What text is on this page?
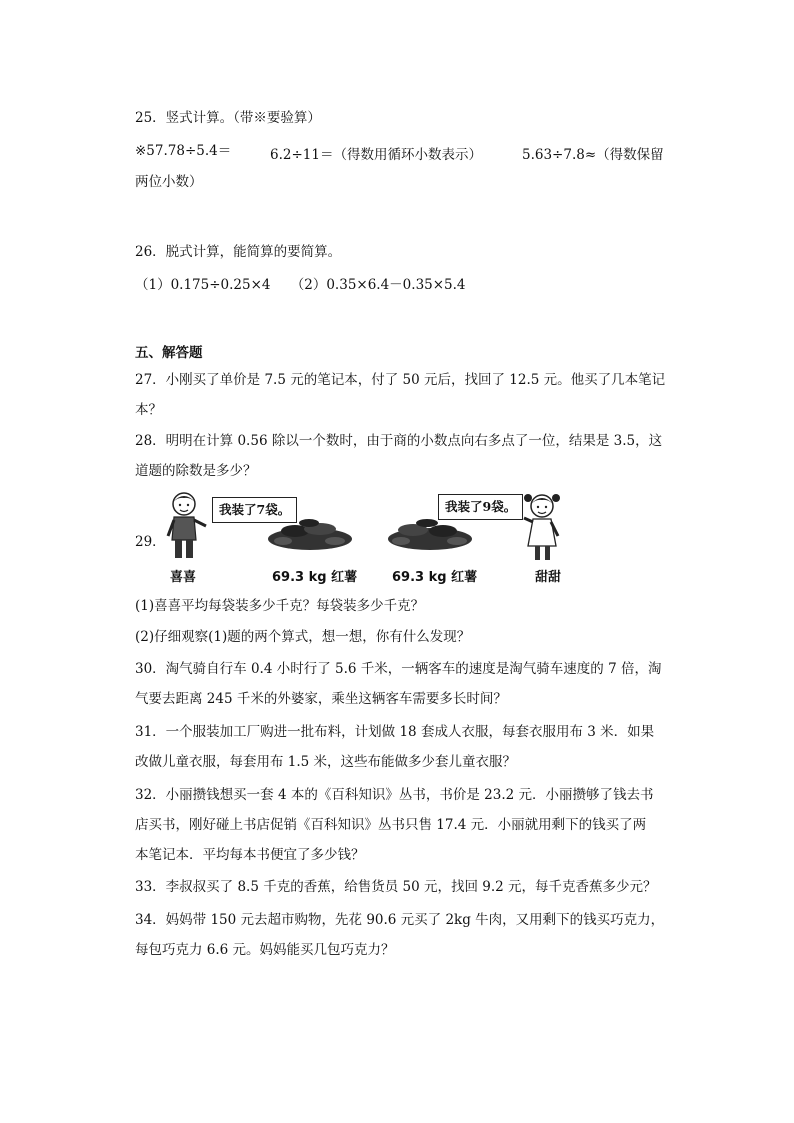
25．竖式计算。（带※要验算）
※57.78÷5.4＝	6.2÷11＝（得数用循环小数表示）	5.63÷7.8≈（得数保留
两位小数）
26．脱式计算，能简算的要简算。
（1）0.175÷0.25×4　　（2）0.35×6.4－0.35×5.4
五、解答题
27．小刚买了单价是 7.5 元的笔记本，付了 50 元后，找回了 12.5 元。他买了几本笔记
本？
28．明明在计算 0.56 除以一个数时，由于商的小数点向右多点了一位，结果是 3.5，这
道题的除数是多少？
29．
我装了7袋。	我装了9袋。
喜喜	69.3 kg 红薯	69.3 kg 红薯	甜甜
(1)喜喜平均每袋装多少千克？每袋装多少千克？
(2)仔细观察(1)题的两个算式，想一想，你有什么发现？
30．淘气骑自行车 0.4 小时行了 5.6 千米，一辆客车的速度是淘气骑车速度的 7 倍，淘
气要去距离 245 千米的外婆家，乘坐这辆客车需要多长时间？
31．一个服装加工厂购进一批布料，计划做 18 套成人衣服，每套衣服用布 3 米．如果
改做儿童衣服，每套用布 1.5 米，这些布能做多少套儿童衣服？
32．小丽攒钱想买一套 4 本的《百科知识》丛书，书价是 23.2 元．小丽攒够了钱去书
店买书，刚好碰上书店促销《百科知识》丛书只售 17.4 元．小丽就用剩下的钱买了两
本笔记本．平均每本书便宜了多少钱？
33．李叔叔买了 8.5 千克的香蕉，给售货员 50 元，找回 9.2 元，每千克香蕉多少元？
34．妈妈带 150 元去超市购物，先花 90.6 元买了 2kg 牛肉，又用剩下的钱买巧克力，
每包巧克力 6.6 元。妈妈能买几包巧克力？
